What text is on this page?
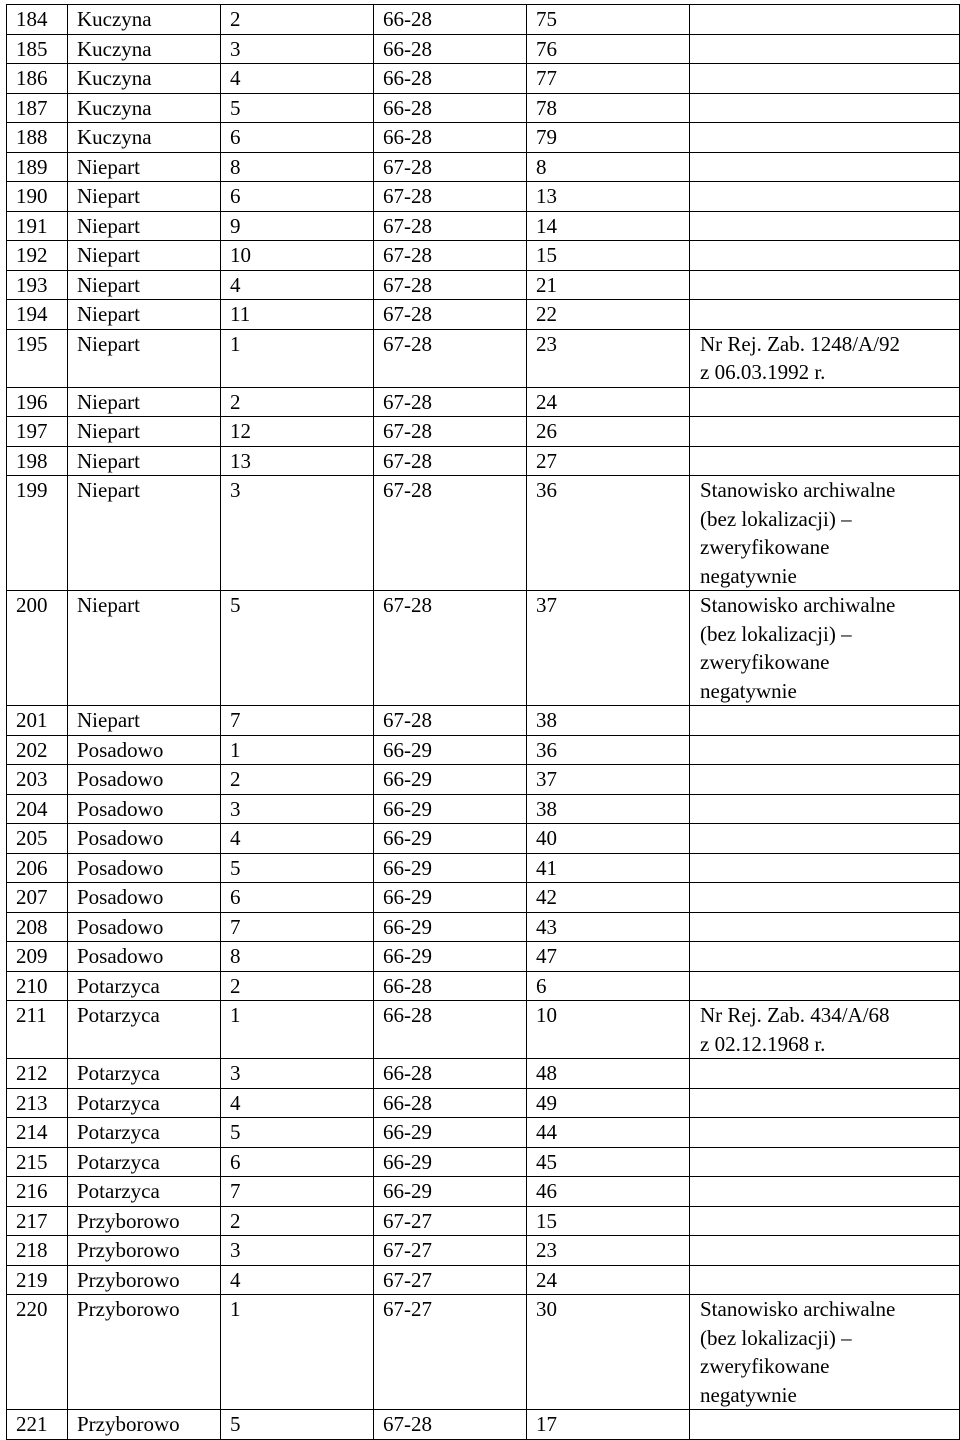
184	Kuczyna	2	66-28	75	
185	Kuczyna	3	66-28	76	
186	Kuczyna	4	66-28	77	
187	Kuczyna	5	66-28	78	
188	Kuczyna	6	66-28	79	
189	Niepart	8	67-28	8	
190	Niepart	6	67-28	13	
191	Niepart	9	67-28	14	
192	Niepart	10	67-28	15	
193	Niepart	4	67-28	21	
194	Niepart	11	67-28	22	
195	Niepart	1	67-28	23	Nr Rej. Zab. 1248/A/92
z 06.03.1992 r.

196	Niepart	2	67-28	24	
197	Niepart	12	67-28	26	
198	Niepart	13	67-28	27	
199	Niepart	3	67-28	36	Stanowisko archiwalne
(bez lokalizacji) –
zweryfikowane
negatywnie

200	Niepart	5	67-28	37	Stanowisko archiwalne
(bez lokalizacji) –
zweryfikowane
negatywnie

201	Niepart	7	67-28	38	
202	Posadowo	1	66-29	36	
203	Posadowo	2	66-29	37	
204	Posadowo	3	66-29	38	
205	Posadowo	4	66-29	40	
206	Posadowo	5	66-29	41	
207	Posadowo	6	66-29	42	
208	Posadowo	7	66-29	43	
209	Posadowo	8	66-29	47	
210	Potarzyca	2	66-28	6	
211	Potarzyca	1	66-28	10	Nr Rej. Zab. 434/A/68
z 02.12.1968 r.

212	Potarzyca	3	66-28	48	
213	Potarzyca	4	66-28	49	
214	Potarzyca	5	66-29	44	
215	Potarzyca	6	66-29	45	
216	Potarzyca	7	66-29	46	
217	Przyborowo	2	67-27	15	
218	Przyborowo	3	67-27	23	
219	Przyborowo	4	67-27	24	
220	Przyborowo	1	67-27	30	Stanowisko archiwalne
(bez lokalizacji) –
zweryfikowane
negatywnie

221	Przyborowo	5	67-28	17	
